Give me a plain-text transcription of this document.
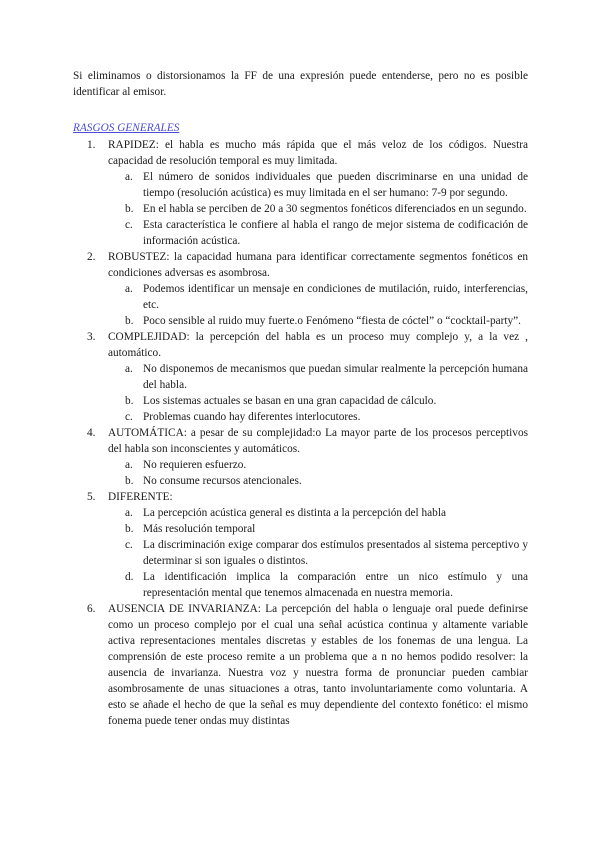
Si eliminamos o distorsionamos la FF de una expresión puede entenderse, pero no es posible identificar al emisor.
RASGOS GENERALES
1. RAPIDEZ: el habla es mucho más rápida que el más veloz de los códigos. Nuestra capacidad de resolución temporal es muy limitada.
a. El número de sonidos individuales que pueden discriminarse en una unidad de tiempo (resolución acústica) es muy limitada en el ser humano: 7-9 por segundo.
b. En el habla se perciben de 20 a 30 segmentos fonéticos diferenciados en un segundo.
c. Esta característica le confiere al habla el rango de mejor sistema de codificación de información acústica.
2. ROBUSTEZ: la capacidad humana para identificar correctamente segmentos fonéticos en condiciones adversas es asombrosa.
a. Podemos identificar un mensaje en condiciones de mutilación, ruido, interferencias, etc.
b. Poco sensible al ruido muy fuerte.o Fenómeno “fiesta de cóctel” o “cocktail-party”.
3. COMPLEJIDAD: la percepción del habla es un proceso muy complejo y, a la vez , automático.
a. No disponemos de mecanismos que puedan simular realmente la percepción humana del habla.
b. Los sistemas actuales se basan en una gran capacidad de cálculo.
c. Problemas cuando hay diferentes interlocutores.
4. AUTOMÁTICA: a pesar de su complejidad:o La mayor parte de los procesos perceptivos del habla son inconscientes y automáticos.
a. No requieren esfuerzo.
b. No consume recursos atencionales.
5. DIFERENTE:
a. La percepción acústica general es distinta a la percepción del habla
b. Más resolución temporal
c. La discriminación exige comparar dos estímulos presentados al sistema perceptivo y determinar si son iguales o distintos.
d. La identificación implica la comparación entre un nico estímulo y una representación mental que tenemos almacenada en nuestra memoria.
6. AUSENCIA DE INVARIANZA: La percepción del habla o lenguaje oral puede definirse como un proceso complejo por el cual una señal acústica continua y altamente variable activa representaciones mentales discretas y estables de los fonemas de una lengua. La comprensión de este proceso remite a un problema que a n no hemos podido resolver: la ausencia de invarianza. Nuestra voz y nuestra forma de pronunciar pueden cambiar asombrosamente de unas situaciones a otras, tanto involuntariamente como voluntaria. A esto se añade el hecho de que la señal es muy dependiente del contexto fonético: el mismo fonema puede tener ondas muy distintas
